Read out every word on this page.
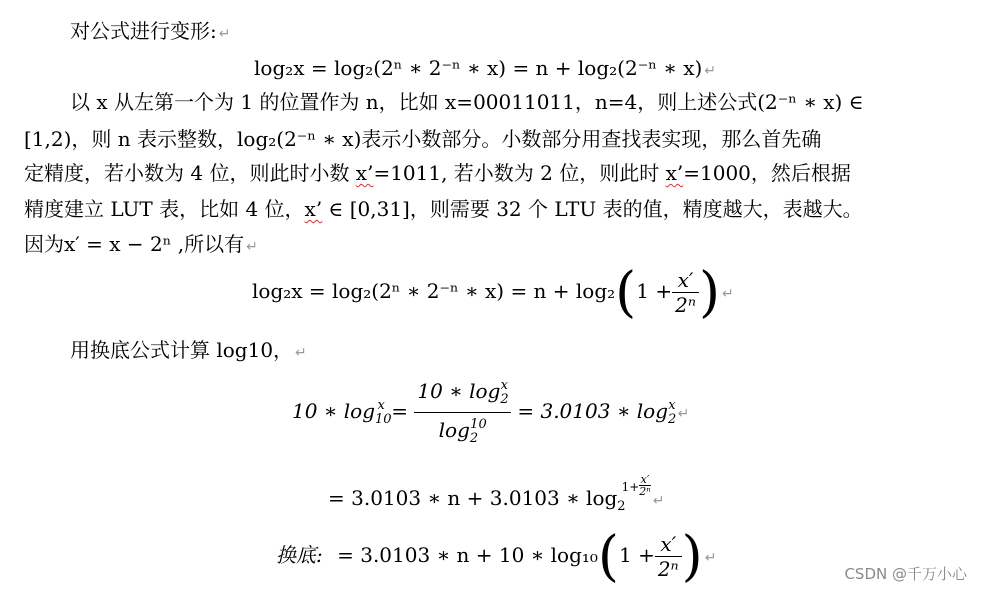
对公式进行变形: ↵
log₂x = log₂(2ⁿ ∗ 2⁻ⁿ ∗ x) = n + log₂(2⁻ⁿ ∗ x) ↵
以 x 从左第一个为 1 的位置作为 n，比如 x=00011011，n=4，则上述公式(2⁻ⁿ ∗ x) ∈
[1,2)，则 n 表示整数，log₂(2⁻ⁿ ∗ x)表示小数部分。小数部分用查找表实现，那么首先确
定精度，若小数为 4 位，则此时小数 x’=1011, 若小数为 2 位，则此时 x’=1000，然后根据
精度建立 LUT 表，比如 4 位，x’ ∈ [0,31]，则需要 32 个 LTU 表的值，精度越大，表越大。
因为x′ = x − 2ⁿ ,所以有 ↵
log₂x = log₂(2ⁿ ∗ 2⁻ⁿ ∗ $x) = n + \log_2(1 + \frac{x'}{\text{2ⁿ}}$ ) ↵
用换底公式计算 log10， ↵
10 ∗ $\log_{10}^x = \frac{10 ∗ \log_2^x}{\log_2^{10}} = 3.0103$ ∗ $\log_2^x↵$
= 3.0103 ∗ n + 3.0103 ∗ $\log_21+ \frac{x'}{\text{2ⁿ}}$
↵
换底: = 3.0103 ∗ n + 10 ∗ $\log_{10}(1 + \frac{x'}{\text{2ⁿ}}$ ) ↵
CSDN @千万小心
